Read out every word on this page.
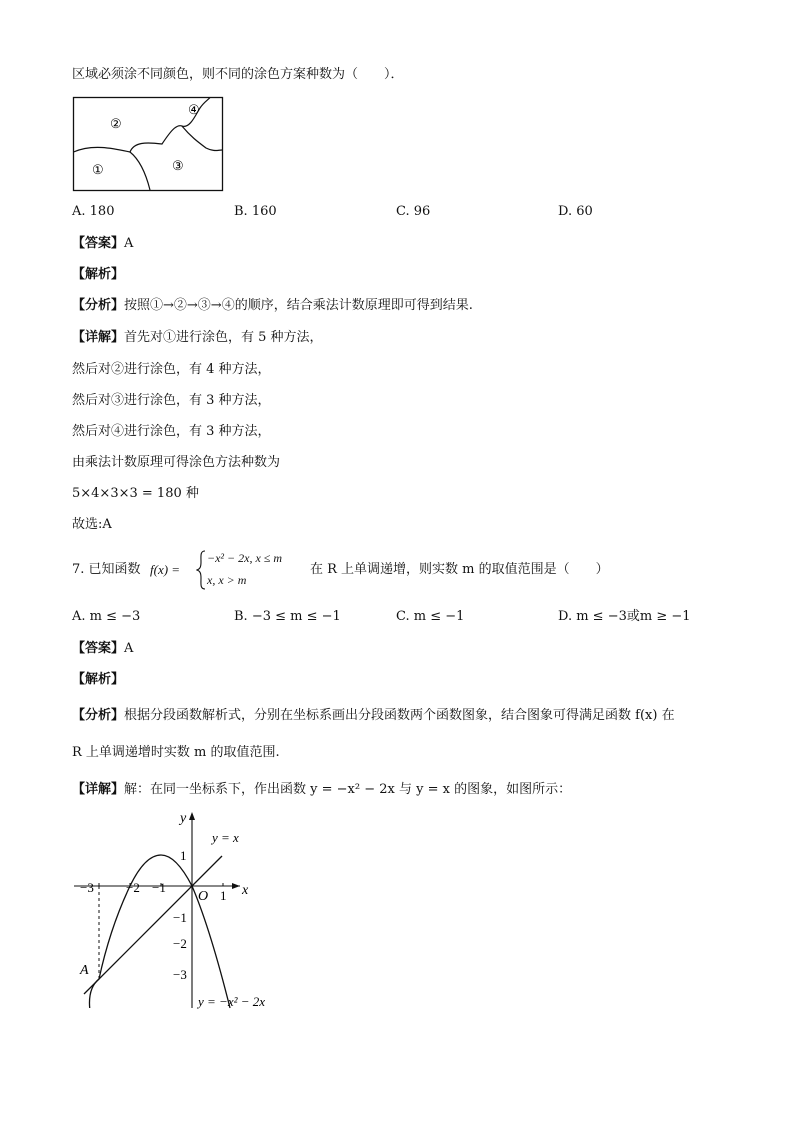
区域必须涂不同颜色，则不同的涂色方案种数为（　　）．
①
②
③
④
A. 180	B. 160	C. 96	D. 60
【答案】A
【解析】
【分析】按照①→②→③→④的顺序，结合乘法计数原理即可得到结果.
【详解】首先对①进行涂色，有 5 种方法，
然后对②进行涂色，有 4 种方法，
然后对③进行涂色，有 3 种方法，
然后对④进行涂色，有 3 种方法，
由乘法计数原理可得涂色方法种数为
5×4×3×3 = 180 种
故选:A
7. 已知函数 f(x) =
−x² − 2x, x ≤ m
x, x > m
在 R 上单调递增，则实数 m 的取值范围是（　　）
A. m ≤ −3	B. −3 ≤ m ≤ −1	C. m ≤ −1	D. m ≤ −3或m ≥ −1
【答案】A
【解析】
【分析】根据分段函数解析式，分别在坐标系画出分段函数两个函数图象，结合图象可得满足函数 f(x) 在
R 上单调递增时实数 m 的取值范围.
【详解】解：在同一坐标系下，作出函数 y = −x² − 2x 与 y = x 的图象，如图所示：
y
x
O
−3 −2 −1
1
1
−1
−2
−3
A
y = x
y = −x² − 2x
